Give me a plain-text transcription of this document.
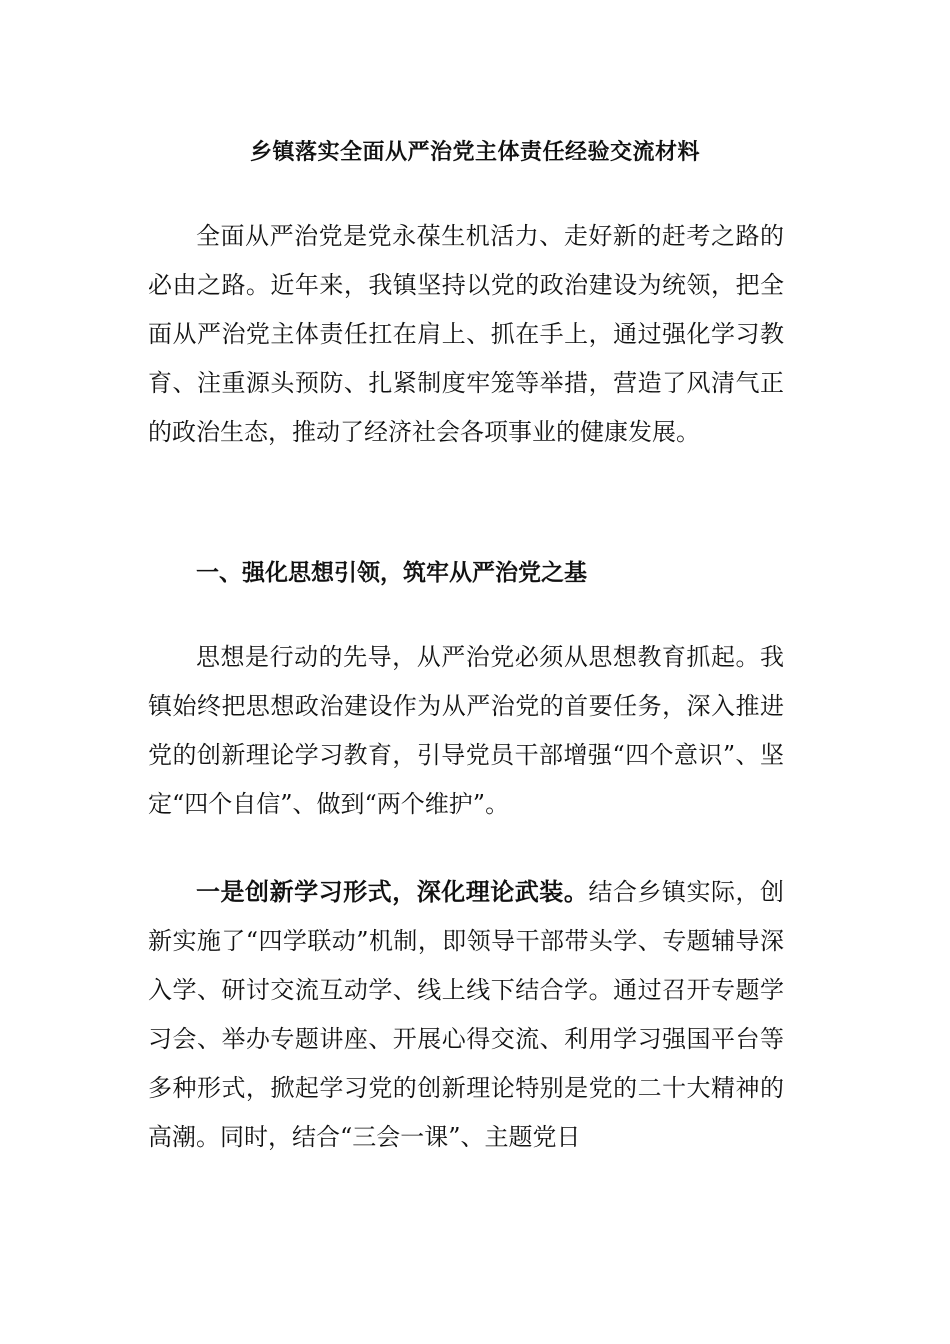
乡镇落实全面从严治党主体责任经验交流材料
全面从严治党是党永葆生机活力、走好新的赶考之路的必由之路。近年来，我镇坚持以党的政治建设为统领，把全面从严治党主体责任扛在肩上、抓在手上，通过强化学习教育、注重源头预防、扎紧制度牢笼等举措，营造了风清气正的政治生态，推动了经济社会各项事业的健康发展。
一、强化思想引领，筑牢从严治党之基
思想是行动的先导，从严治党必须从思想教育抓起。我镇始终把思想政治建设作为从严治党的首要任务，深入推进党的创新理论学习教育，引导党员干部增强“四个意识”、坚定“四个自信”、做到“两个维护”。
一是创新学习形式，深化理论武装。结合乡镇实际，创新实施了“四学联动”机制，即领导干部带头学、专题辅导深入学、研讨交流互动学、线上线下结合学。通过召开专题学习会、举办专题讲座、开展心得交流、利用学习强国平台等多种形式，掀起学习党的创新理论特别是党的二十大精神的高潮。同时，结合“三会一课”、主题党日
